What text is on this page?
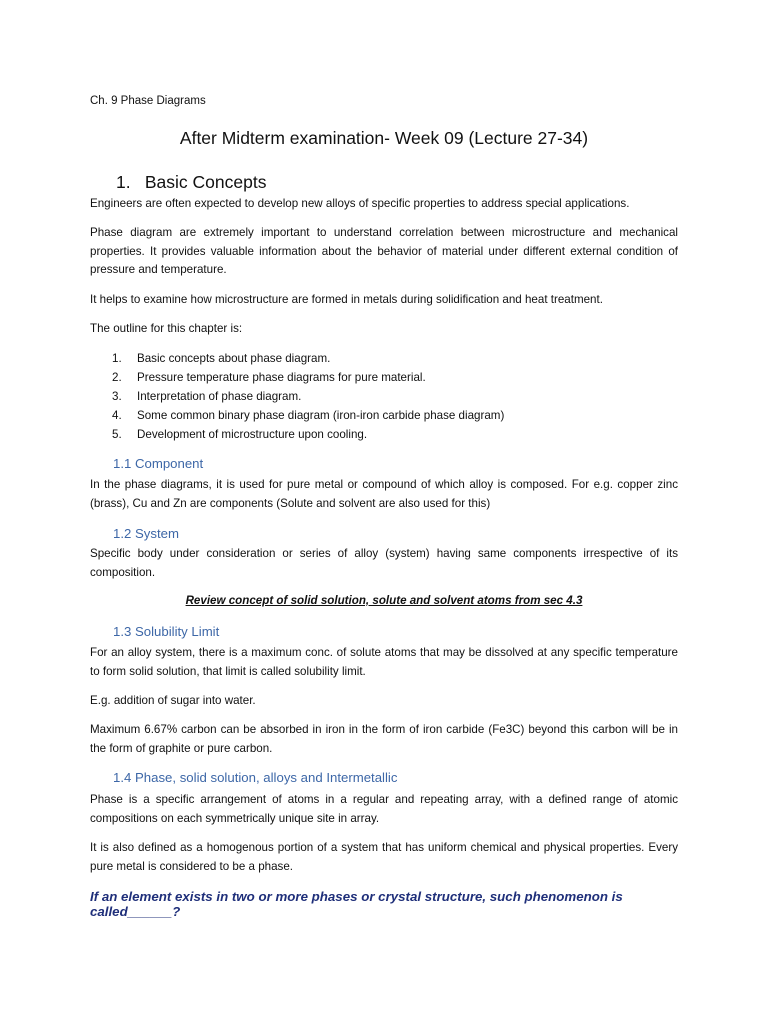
Ch. 9 Phase Diagrams
After Midterm examination- Week 09 (Lecture 27-34)
1. Basic Concepts
Engineers are often expected to develop new alloys of specific properties to address special applications.
Phase diagram are extremely important to understand correlation between microstructure and mechanical properties. It provides valuable information about the behavior of material under different external condition of pressure and temperature.
It helps to examine how microstructure are formed in metals during solidification and heat treatment.
The outline for this chapter is:
1. Basic concepts about phase diagram.
2. Pressure temperature phase diagrams for pure material.
3. Interpretation of phase diagram.
4. Some common binary phase diagram (iron-iron carbide phase diagram)
5. Development of microstructure upon cooling.
1.1 Component
In the phase diagrams, it is used for pure metal or compound of which alloy is composed. For e.g. copper zinc (brass), Cu and Zn are components (Solute and solvent are also used for this)
1.2 System
Specific body under consideration or series of alloy (system) having same components irrespective of its composition.
Review concept of solid solution, solute and solvent atoms from sec 4.3
1.3 Solubility Limit
For an alloy system, there is a maximum conc. of solute atoms that may be dissolved at any specific temperature to form solid solution, that limit is called solubility limit.
E.g. addition of sugar into water.
Maximum 6.67% carbon can be absorbed in iron in the form of iron carbide (Fe3C) beyond this carbon will be in the form of graphite or pure carbon.
1.4 Phase, solid solution, alloys and Intermetallic
Phase is a specific arrangement of atoms in a regular and repeating array, with a defined range of atomic compositions on each symmetrically unique site in array.
It is also defined as a homogenous portion of a system that has uniform chemical and physical properties. Every pure metal is considered to be a phase.
If an element exists in two or more phases or crystal structure, such phenomenon is called______?
